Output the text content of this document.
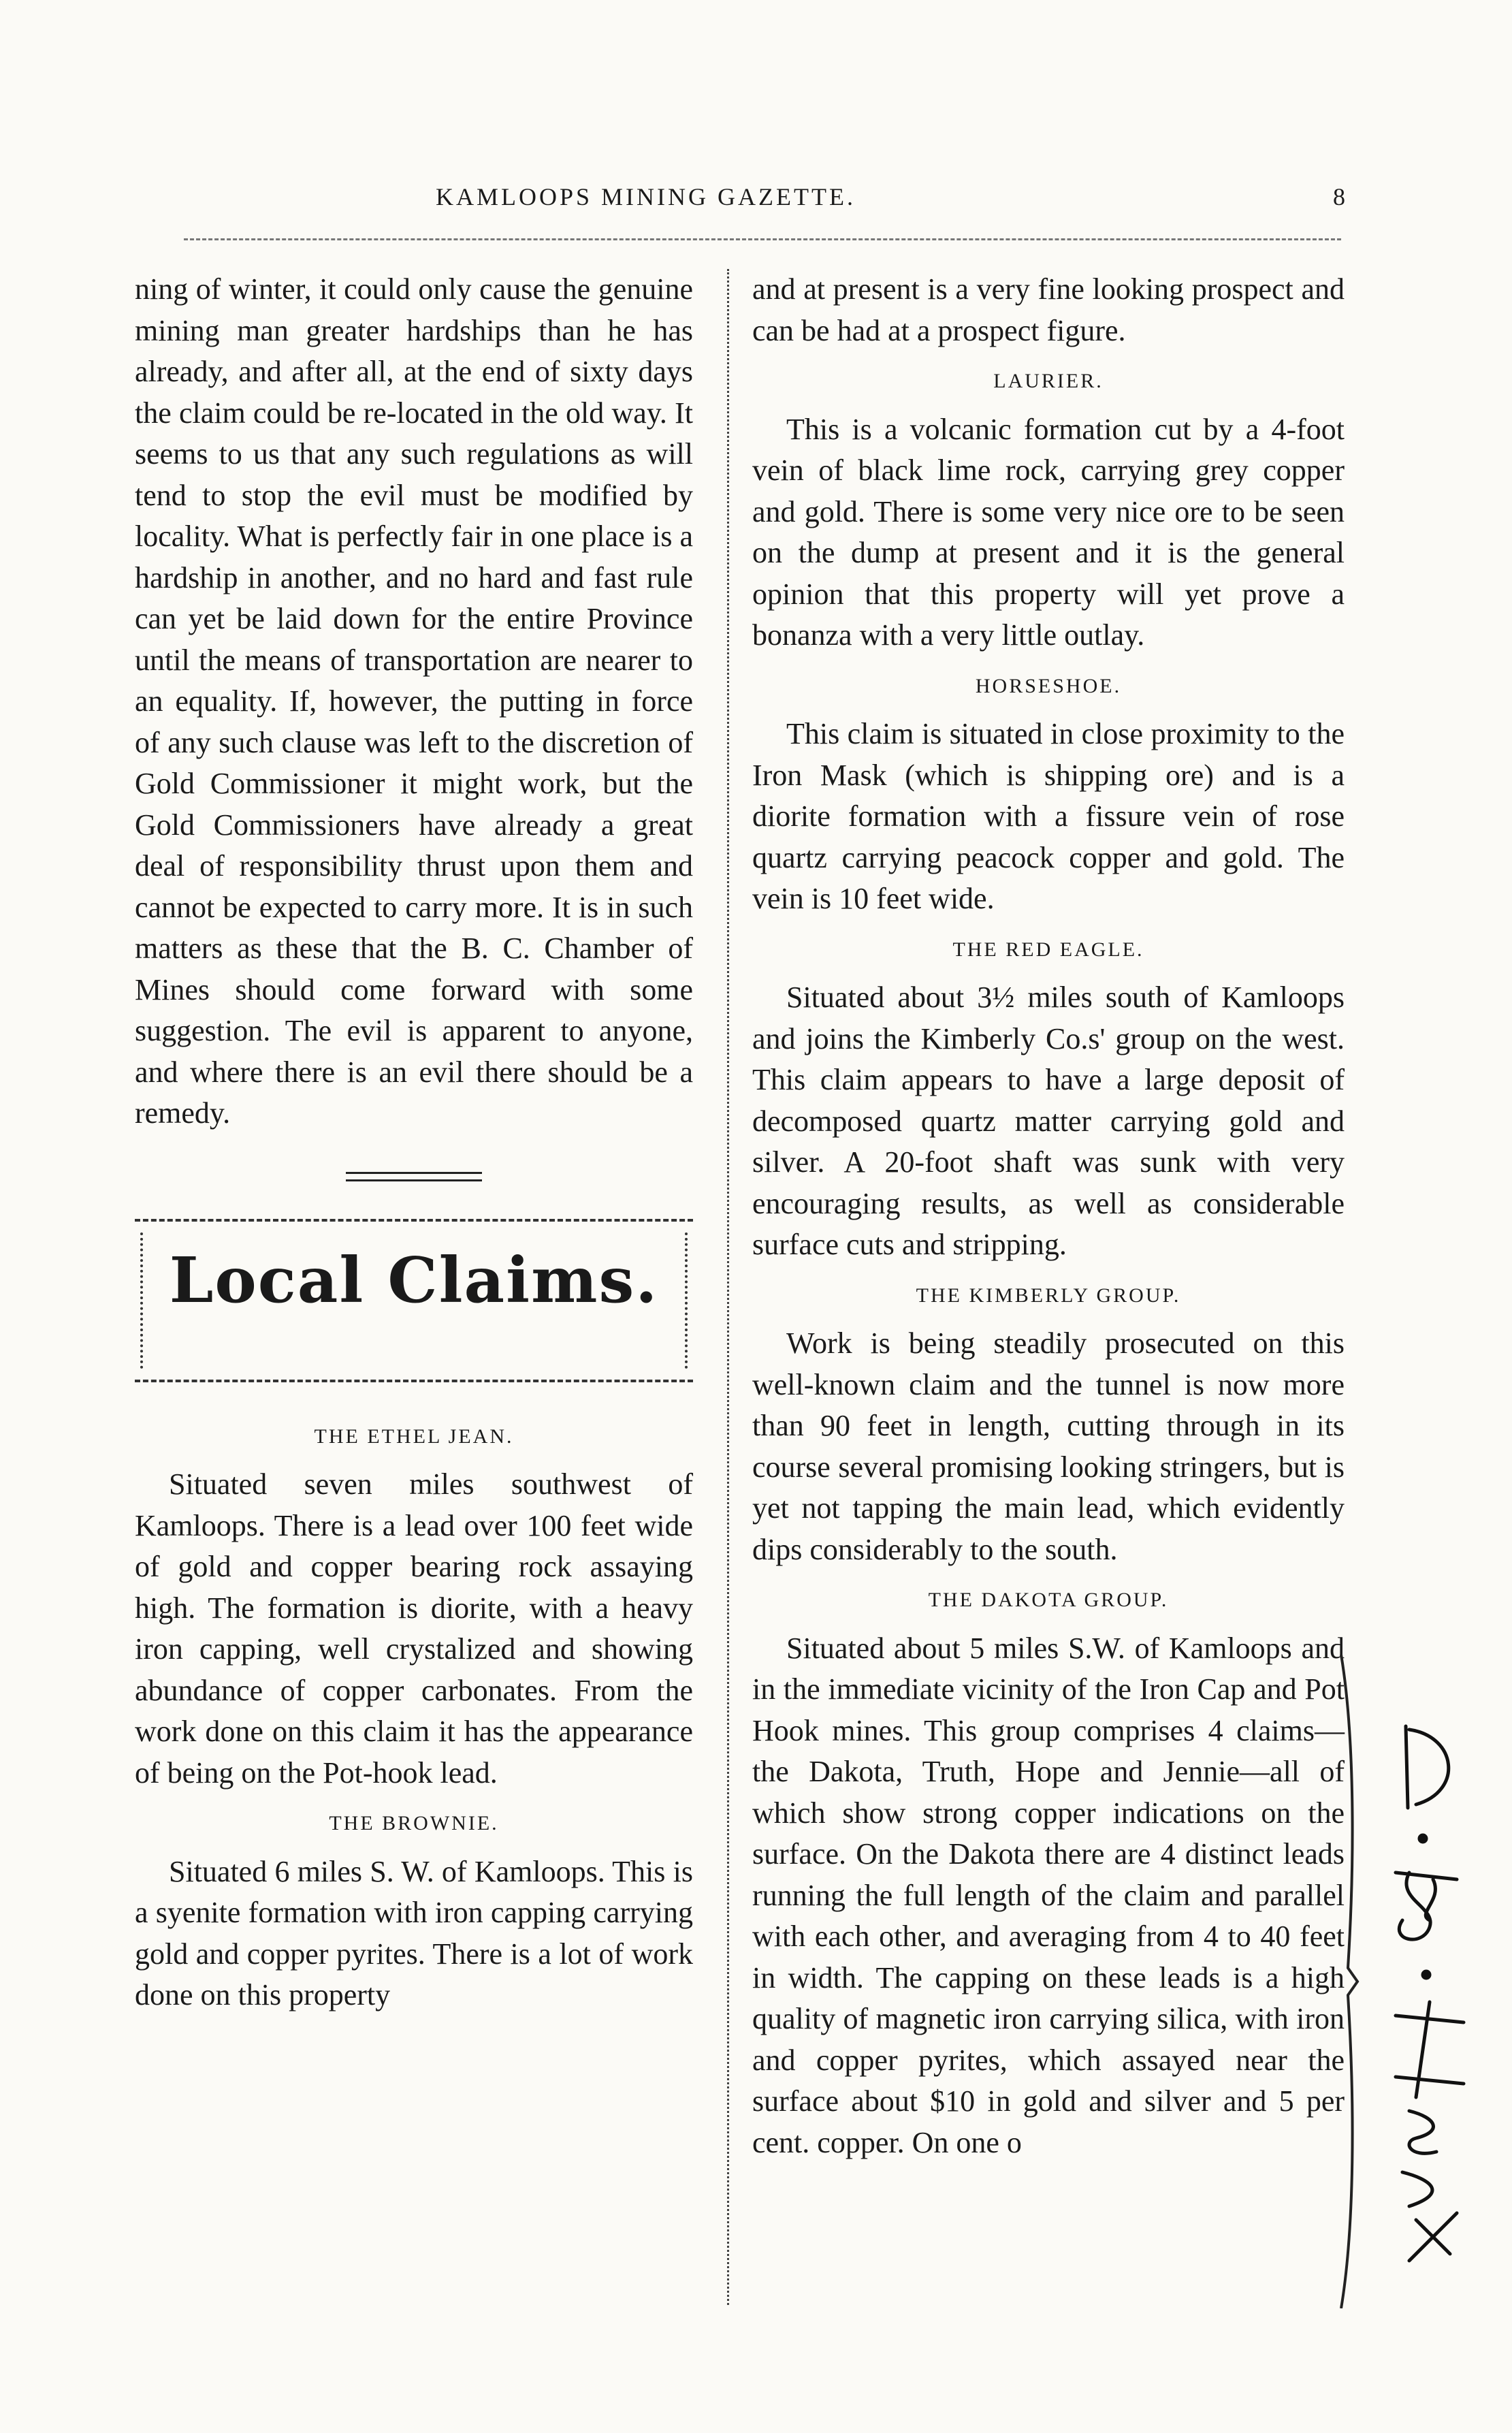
KAMLOOPS MINING GAZETTE.	8

ning of winter, it could only cause the genuine mining man greater hardships than he has already, and after all, at the end of sixty days the claim could be re-located in the old way. It seems to us that any such regulations as will tend to stop the evil must be modified by locality. What is perfectly fair in one place is a hardship in another, and no hard and fast rule can yet be laid down for the entire Province until the means of transportation are nearer to an equality. If, however, the putting in force of any such clause was left to the discretion of Gold Commissioner it might work, but the Gold Commissioners have already a great deal of responsibility thrust upon them and cannot be expected to carry more. It is in such matters as these that the B. C. Chamber of Mines should come forward with some suggestion. The evil is apparent to anyone, and where there is an evil there should be a remedy.

Local Claims.
THE ETHEL JEAN.

Situated seven miles southwest of Kamloops. There is a lead over 100 feet wide of gold and copper bearing rock assaying high. The formation is diorite, with a heavy iron capping, well crystalized and showing abundance of copper carbonates. From the work done on this claim it has the appearance of being on the Pot-hook lead.

THE BROWNIE.

Situated 6 miles S. W. of Kamloops. This is a syenite formation with iron capping carrying gold and copper pyrites. There is a lot of work done on this property

and at present is a very fine looking prospect and can be had at a prospect figure.

LAURIER.

This is a volcanic formation cut by a 4-foot vein of black lime rock, carrying grey copper and gold. There is some very nice ore to be seen on the dump at present and it is the general opinion that this property will yet prove a bonanza with a very little outlay.

HORSESHOE.

This claim is situated in close proximity to the Iron Mask (which is shipping ore) and is a diorite formation with a fissure vein of rose quartz carrying peacock copper and gold. The vein is 10 feet wide.

THE RED EAGLE.

Situated about 3½ miles south of Kamloops and joins the Kimberly Co.s' group on the west. This claim appears to have a large deposit of decomposed quartz matter carrying gold and silver. A 20-foot shaft was sunk with very encouraging results, as well as considerable surface cuts and stripping.

THE KIMBERLY GROUP.

Work is being steadily prosecuted on this well-known claim and the tunnel is now more than 90 feet in length, cutting through in its course several promising looking stringers, but is yet not tapping the main lead, which evidently dips considerably to the south.

THE DAKOTA GROUP.

Situated about 5 miles S.W. of Kamloops and in the immediate vicinity of the Iron Cap and Pot Hook mines. This group comprises 4 claims—the Dakota, Truth, Hope and Jennie—all of which show strong copper indications on the surface. On the Dakota there are 4 distinct leads running the full length of the claim and parallel with each other, and averaging from 4 to 40 feet in width. The capping on these leads is a high quality of magnetic iron carrying silica, with iron and copper pyrites, which assayed near the surface about $10 in gold and silver and 5 per cent. copper. On one o
